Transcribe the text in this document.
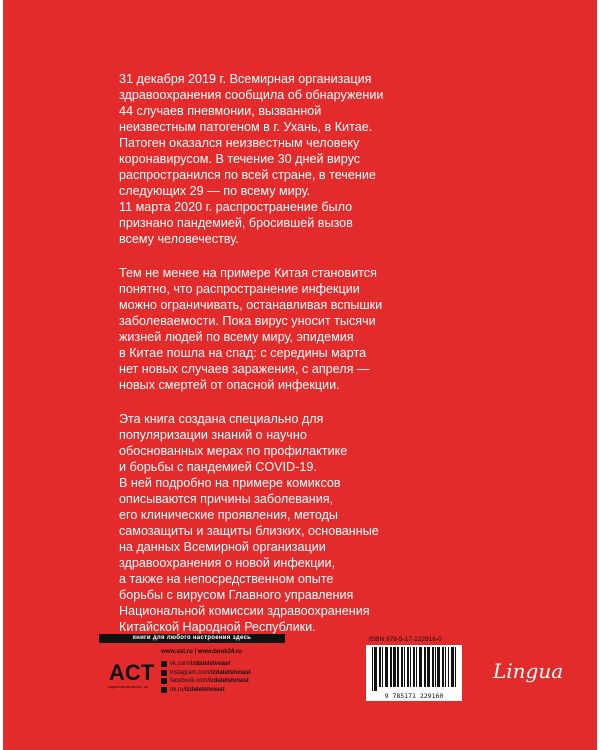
31 декабря 2019 г. Всемирная организация
здравоохранения сообщила об обнаружении
44 случаев пневмонии, вызванной
неизвестным патогеном в г. Ухань, в Китае.
Патоген оказался неизвестным человеку
коронавирусом. В течение 30 дней вирус
распространился по всей стране, в течение
следующих 29 — по всему миру.
11 марта 2020 г. распространение было
признано пандемией, бросившей вызов
всему человечеству.

Тем не менее на примере Китая становится
понятно, что распространение инфекции
можно ограничивать, останавливая вспышки
заболеваемости. Пока вирус уносит тысячи
жизней людей по всему миру, эпидемия
в Китае пошла на спад: с середины марта
нет новых случаев заражения, с апреля —
новых смертей от опасной инфекции.

Эта книга создана специально для
популяризации знаний о научно
обоснованных мерах по профилактике
и борьбы с пандемией COVID-19.
В ней подробно на примере комиксов
описываются причины заболевания,
его клинические проявления, методы
самозащиты и защиты близких, основанные
на данных Всемирной организации
здравоохранения о новой инфекции,
а также на непосредственном опыте
борьбы с вирусом Главного управления
Национальной комиссии здравоохранения
Китайской Народной Республики.

книги для любого настроения здесь
ACT
издательство мечты, ок
www.ast.ru | www.book24.ru
vk.com/ izdatelstvoast
instagram.com/ izdatelstvoast
facebook.com/ izdatelstvoast
ok.ru/ izdatelstvoast
ISBN 978-5-17-122916-0
9 785171 229160
Lingua
